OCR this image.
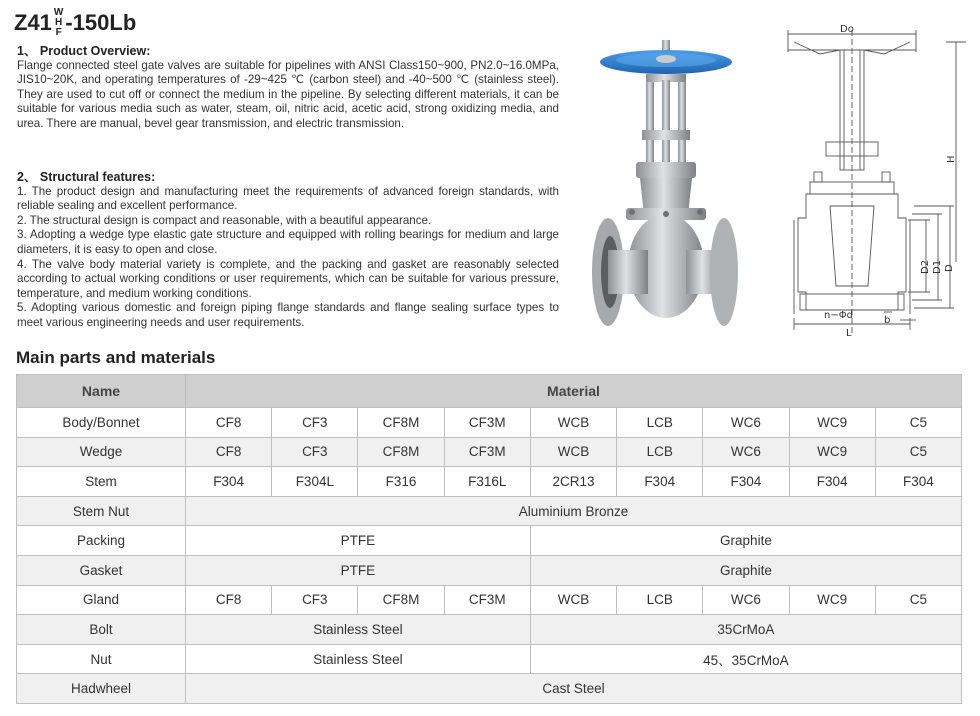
Z41 W
H
F -150Lb
1、 Product Overview:
Flange connected steel gate valves are suitable for pipelines with ANSI Class150~900, PN2.0~16.0MPa, JIS10~20K, and operating temperatures of -29~425 ℃ (carbon steel) and -40~500 ℃ (stainless steel). They are used to cut off or connect the medium in the pipeline. By selecting different materials, it can be suitable for various media such as water, steam, oil, nitric acid, acetic acid, strong oxidizing media, and urea. There are manual, bevel gear transmission, and electric transmission.
2、 Structural features:
1. The product design and manufacturing meet the requirements of advanced foreign standards, with reliable sealing and excellent performance.
2. The structural design is compact and reasonable, with a beautiful appearance.
3. Adopting a wedge type elastic gate structure and equipped with rolling bearings for medium and large diameters, it is easy to open and close.
4. The valve body material variety is complete, and the packing and gasket are reasonably selected according to actual working conditions or user requirements, which can be suitable for various pressure, temperature, and medium working conditions.
5. Adopting various domestic and foreign piping flange standards and flange sealing surface types to meet various engineering needs and user requirements.
Do
H
D2 D1 D
n−Φd
L
b
Main parts and materials
Name	Material								
Body/Bonnet	CF8	CF3	CF8M	CF3M	WCB	LCB	WC6	WC9	C5
Wedge	CF8	CF3	CF8M	CF3M	WCB	LCB	WC6	WC9	C5
Stem	F304	F304L	F316	F316L	2CR13	F304	F304	F304	F304
Stem Nut	Aluminium Bronze								
Packing	PTFE				Graphite				
Gasket	PTFE				Graphite				
Gland	CF8	CF3	CF8M	CF3M	WCB	LCB	WC6	WC9	C5
Bolt	Stainless Steel				35CrMoA				
Nut	Stainless Steel				45、35CrMoA				
Hadwheel	Cast Steel								
